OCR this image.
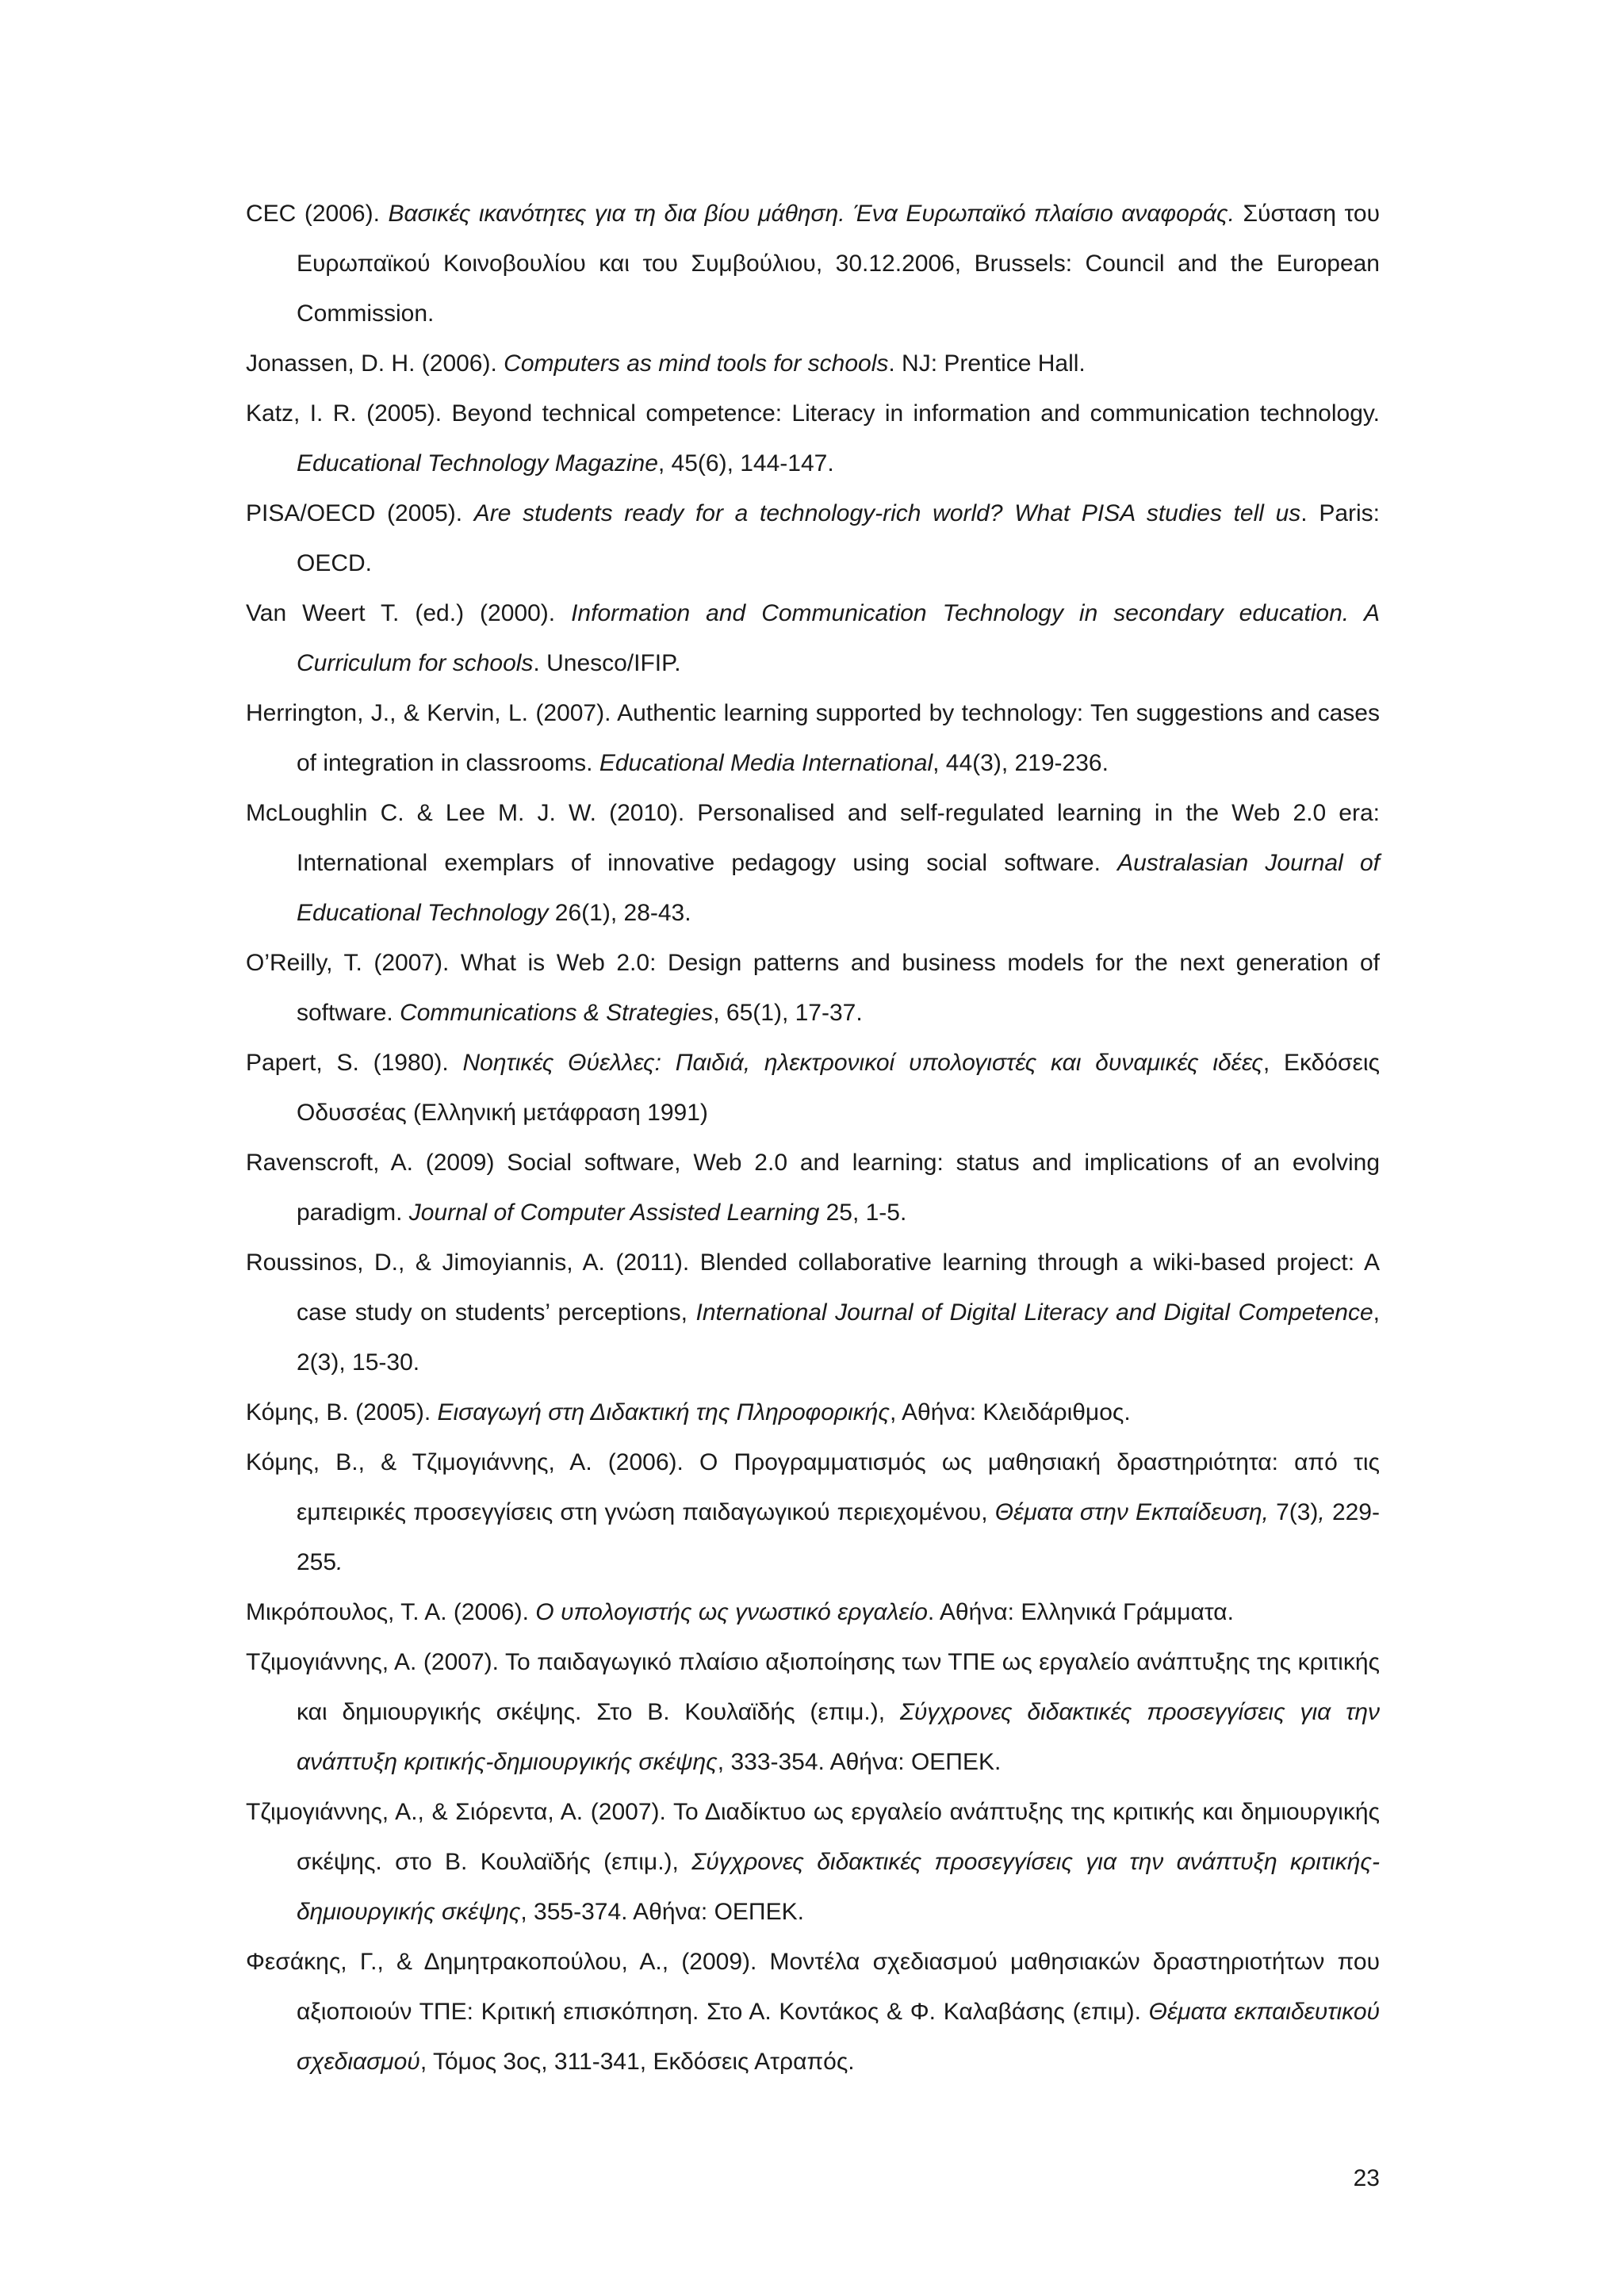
CEC (2006). Βασικές ικανότητες για τη δια βίου μάθηση. Ένα Ευρωπαϊκό πλαίσιο αναφοράς. Σύσταση του Ευρωπαϊκού Κοινοβουλίου και του Συμβούλιου, 30.12.2006, Brussels: Council and the European Commission.

Jonassen, D. H. (2006). Computers as mind tools for schools. NJ: Prentice Hall.

Katz, I. R. (2005). Beyond technical competence: Literacy in information and communication technology. Educational Technology Magazine, 45(6), 144-147.

PISA/OECD (2005). Are students ready for a technology-rich world? What PISA studies tell us. Paris: OECD.

Van Weert T. (ed.) (2000). Information and Communication Technology in secondary education. A Curriculum for schools. Unesco/IFIP.

Herrington, J., & Kervin, L. (2007). Authentic learning supported by technology: Ten suggestions and cases of integration in classrooms. Educational Media International, 44(3), 219-236.

McLoughlin C. & Lee M. J. W. (2010). Personalised and self-regulated learning in the Web 2.0 era: International exemplars of innovative pedagogy using social software. Australasian Journal of Educational Technology 26(1), 28-43.

O’Reilly, T. (2007). What is Web 2.0: Design patterns and business models for the next generation of software. Communications & Strategies, 65(1), 17-37.

Papert, S. (1980). Νοητικές Θύελλες: Παιδιά, ηλεκτρονικοί υπολογιστές και δυναμικές ιδέες, Εκδόσεις Οδυσσέας (Ελληνική μετάφραση 1991)

Ravenscroft, A. (2009) Social software, Web 2.0 and learning: status and implications of an evolving paradigm. Journal of Computer Assisted Learning 25, 1-5.

Roussinos, D., & Jimoyiannis, A. (2011). Blended collaborative learning through a wiki-based project: A case study on students’ perceptions, International Journal of Digital Literacy and Digital Competence, 2(3), 15-30.

Κόμης, Β. (2005). Εισαγωγή στη Διδακτική της Πληροφορικής, Αθήνα: Κλειδάριθμος.

Κόμης, Β., & Τζιμογιάννης, Α. (2006). Ο Προγραμματισμός ως μαθησιακή δραστηριότητα: από τις εμπειρικές προσεγγίσεις στη γνώση παιδαγωγικού περιεχομένου, Θέματα στην Εκπαίδευση, 7(3), 229-255.

Μικρόπουλος, Τ. Α. (2006). Ο υπολογιστής ως γνωστικό εργαλείο. Αθήνα: Ελληνικά Γράμματα.

Τζιμογιάννης, Α. (2007). Το παιδαγωγικό πλαίσιο αξιοποίησης των ΤΠΕ ως εργαλείο ανάπτυξης της κριτικής και δημιουργικής σκέψης. Στο Β. Κουλαϊδής (επιμ.), Σύγχρονες διδακτικές προσεγγίσεις για την ανάπτυξη κριτικής-δημιουργικής σκέψης, 333-354. Αθήνα: ΟΕΠΕΚ.

Τζιμογιάννης, Α., & Σιόρεντα, Α. (2007). Το Διαδίκτυο ως εργαλείο ανάπτυξης της κριτικής και δημιουργικής σκέψης. στο Β. Κουλαϊδής (επιμ.), Σύγχρονες διδακτικές προσεγγίσεις για την ανάπτυξη κριτικής-δημιουργικής σκέψης, 355-374. Αθήνα: ΟΕΠΕΚ.

Φεσάκης, Γ., & Δημητρακοπούλου, Α., (2009). Μοντέλα σχεδιασμού μαθησιακών δραστηριοτήτων που αξιοποιούν ΤΠΕ: Κριτική επισκόπηση. Στο Α. Κοντάκος & Φ. Καλαβάσης (επιμ). Θέματα εκπαιδευτικού σχεδιασμού, Τόμος 3ος, 311-341, Εκδόσεις Ατραπός.

23
